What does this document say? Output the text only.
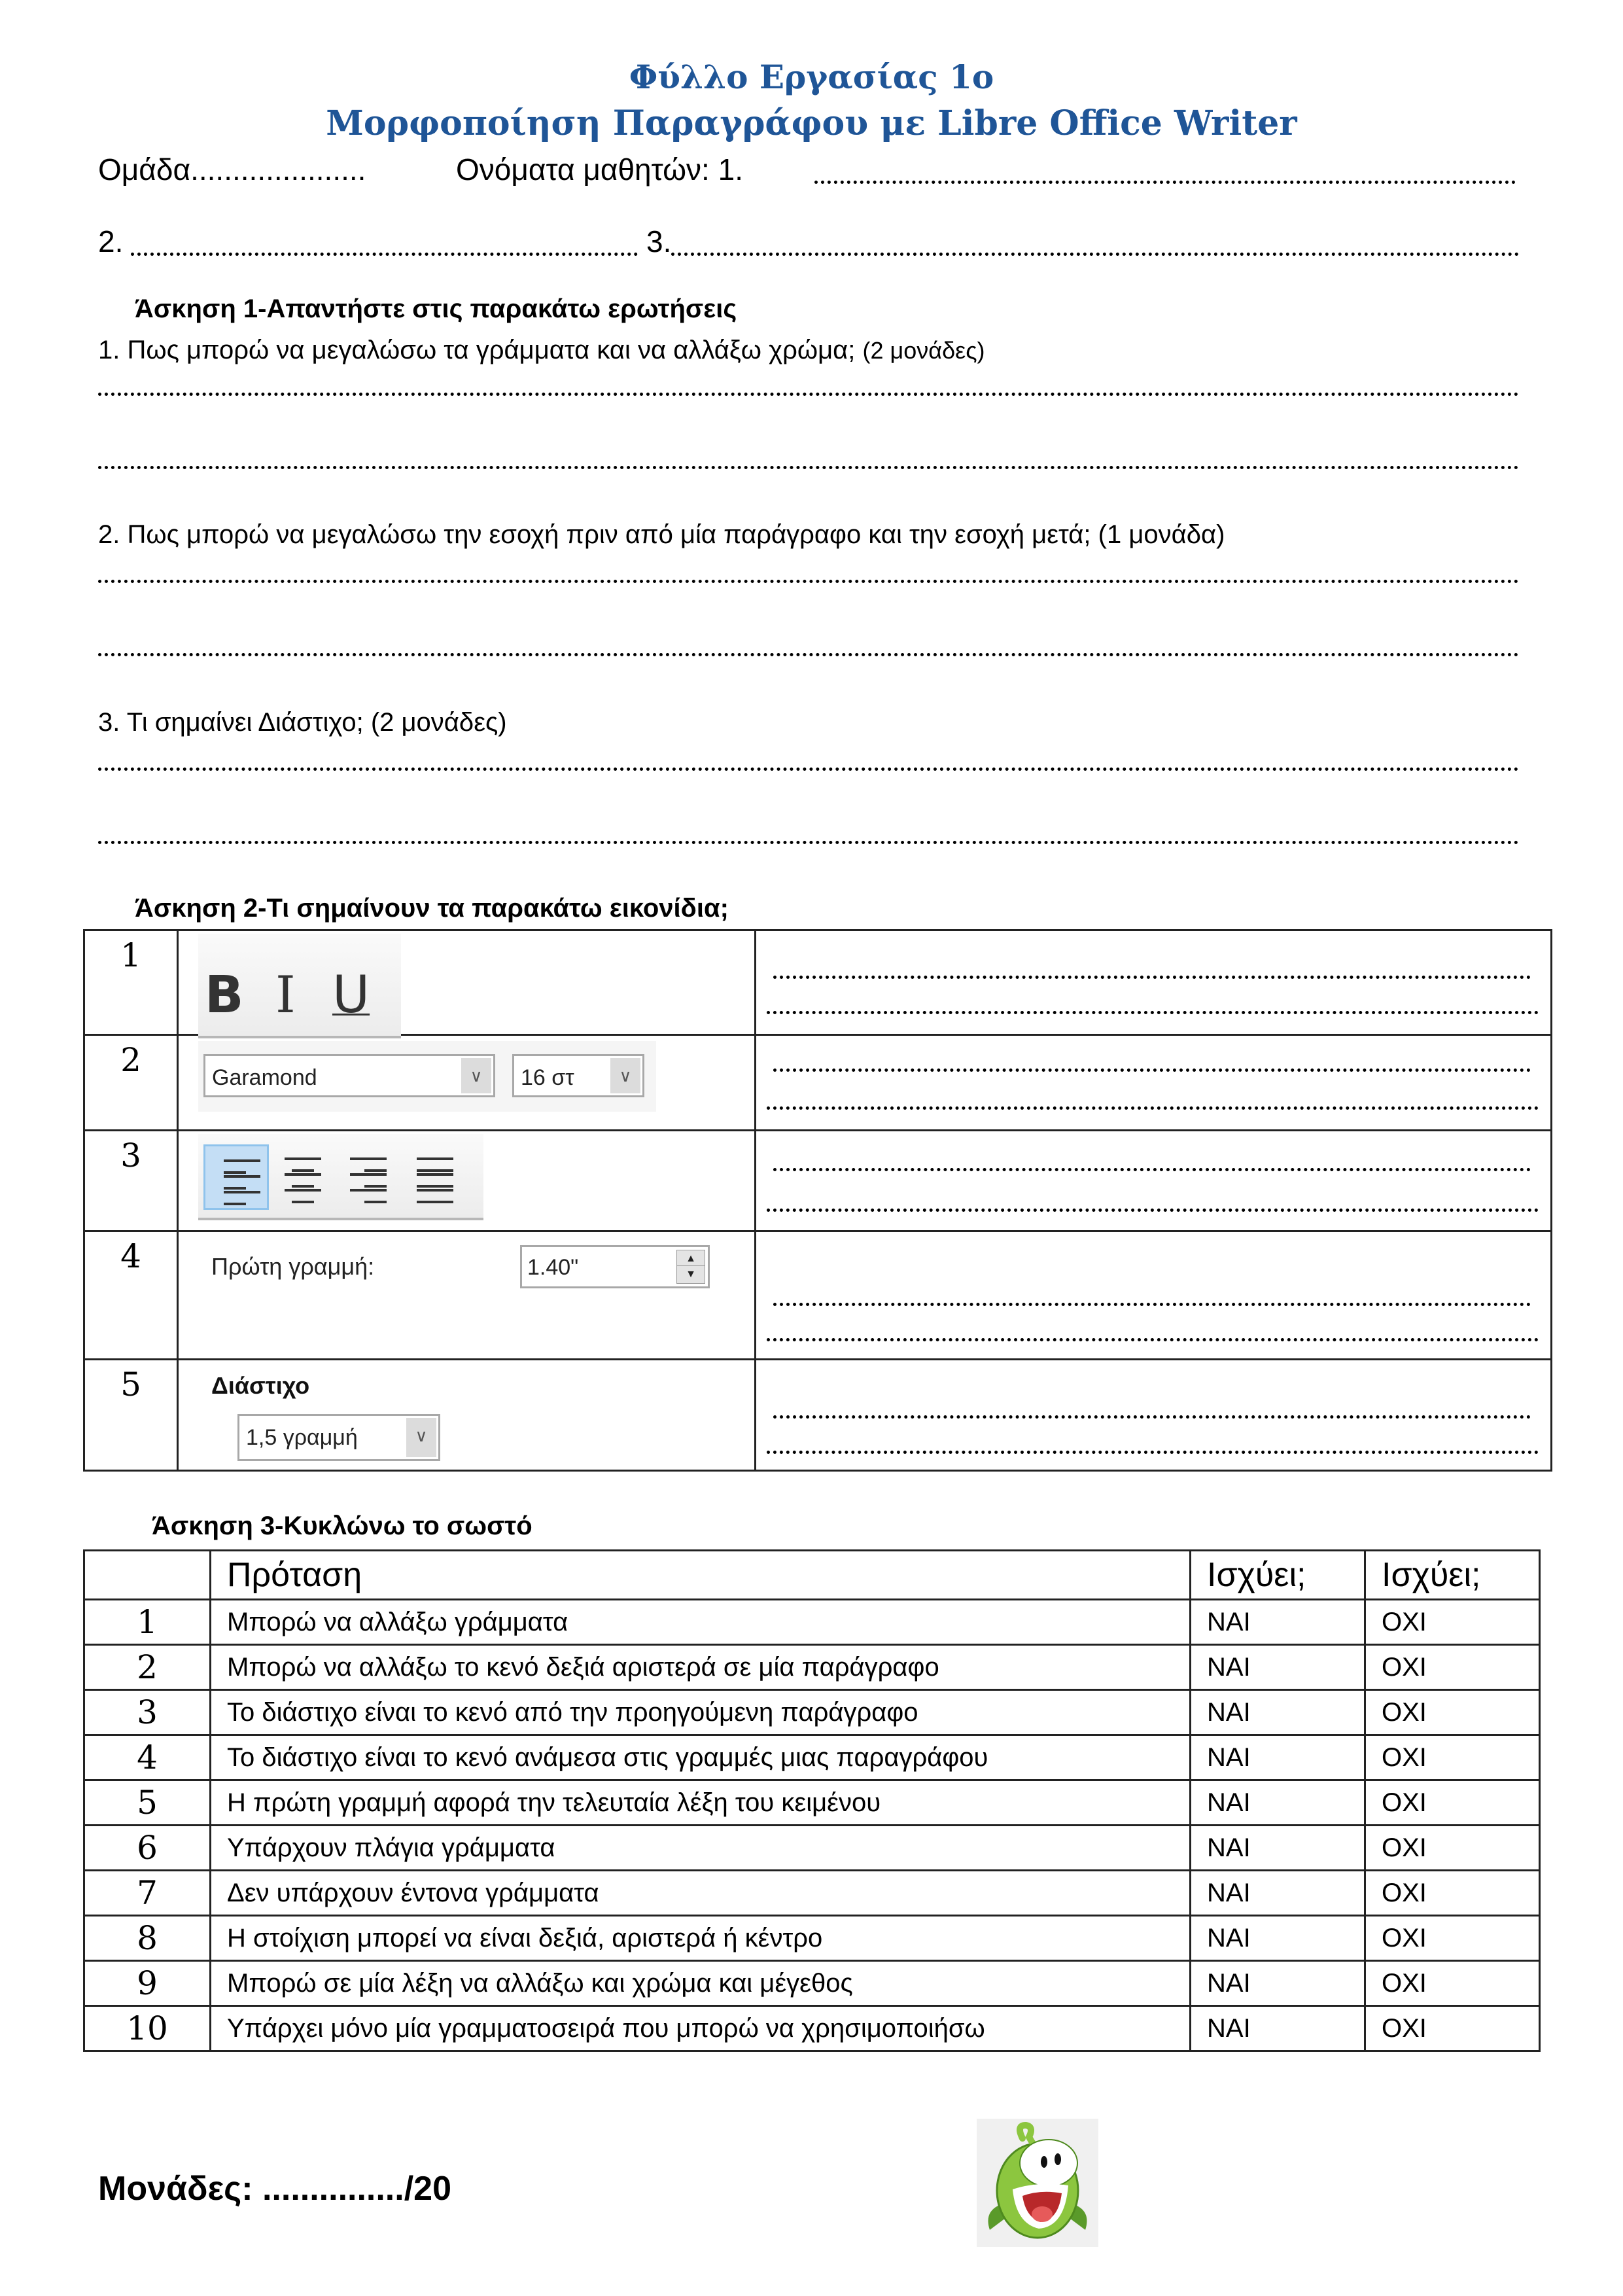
Φύλλο Εργασίας 1ο
Μορφοποίηση Παραγράφου με Libre Office Writer
Ομάδα.....................	Ονόματα μαθητών: 1.
2.	3.
Άσκηση 1-Απαντήστε στις παρακάτω ερωτήσεις
1. Πως μπορώ να μεγαλώσω τα γράμματα και να αλλάξω χρώμα; (2 μονάδες)
2. Πως μπορώ να μεγαλώσω την εσοχή πριν από μία παράγραφο και την εσοχή μετά; (1 μονάδα)
3. Τι σημαίνει Διάστιχο; (2 μονάδες)
Άσκηση 2-Τι σημαίνουν τα παρακάτω εικονίδια;
1	B I U	

2	Garamond ∨ 16 στ ∨	

3	

4	Πρώτη γραμμή: 1.40" ▲
▼	

5	Διάστιχο
1,5 γραμμή ∨	

Άσκηση 3-Κυκλώνω το σωστό
	Πρόταση	Ισχύει;	Ισχύει;
1	Μπορώ να αλλάξω γράμματα	ΝΑΙ	ΟΧΙ
2	Μπορώ να αλλάξω το κενό δεξιά αριστερά σε μία παράγραφο	ΝΑΙ	ΟΧΙ
3	Το διάστιχο είναι το κενό από την προηγούμενη παράγραφο	ΝΑΙ	ΟΧΙ
4	Το διάστιχο είναι το κενό ανάμεσα στις γραμμές μιας παραγράφου	ΝΑΙ	ΟΧΙ
5	Η πρώτη γραμμή αφορά την τελευταία λέξη του κειμένου	ΝΑΙ	ΟΧΙ
6	Υπάρχουν πλάγια γράμματα	ΝΑΙ	ΟΧΙ
7	Δεν υπάρχουν έντονα γράμματα	ΝΑΙ	ΟΧΙ
8	Η στοίχιση μπορεί να είναι δεξιά, αριστερά ή κέντρο	ΝΑΙ	ΟΧΙ
9	Μπορώ σε μία λέξη να αλλάξω και χρώμα και μέγεθος	ΝΑΙ	ΟΧΙ
10	Υπάρχει μόνο μία γραμματοσειρά που μπορώ να χρησιμοποιήσω	ΝΑΙ	ΟΧΙ
Μονάδες: .............../20
